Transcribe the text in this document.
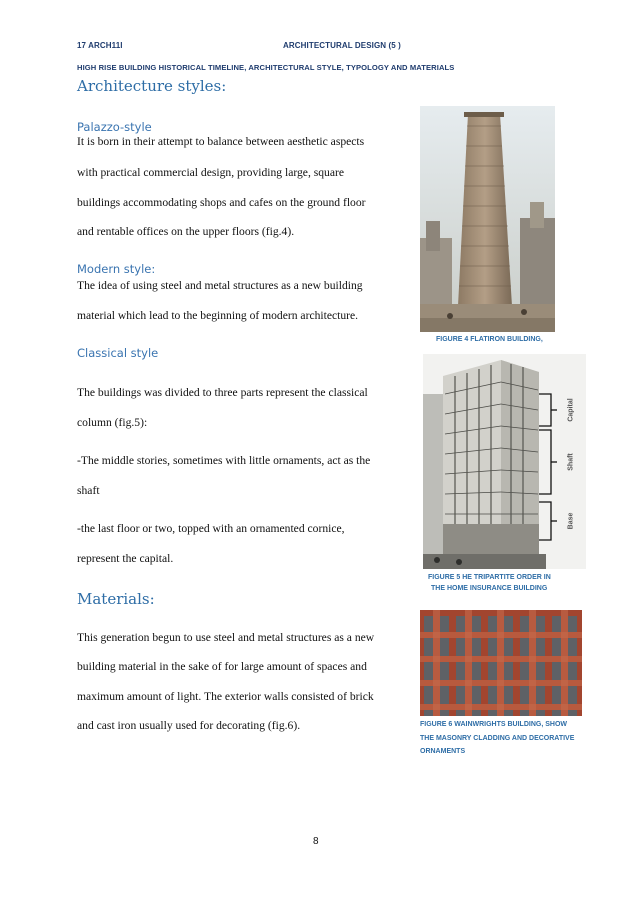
17 ARCH11I	ARCHITECTURAL DESIGN (5 )
HIGH RISE BUILDING HISTORICAL TIMELINE, ARCHITECTURAL STYLE, TYPOLOGY AND MATERIALS
Architecture styles:
Palazzo-style
It is born in their attempt to balance between aesthetic aspects
with practical commercial design, providing large, square
buildings accommodating shops and cafes on the ground floor
and rentable offices on the upper floors (fig.4).
Modern style:
The idea of using steel and metal structures as a new building
material which lead to the beginning of modern architecture.
Classical style
The buildings was divided to three parts represent the classical
column (fig.5):
-The middle stories, sometimes with little ornaments, act as the
shaft
-the last floor or two, topped with an ornamented cornice,
represent the capital.
Materials:
This generation begun to use steel and metal structures as a new
building material in the sake of for large amount of spaces and
maximum amount of light. The exterior walls consisted of brick
and cast iron usually used for decorating (fig.6).
FIGURE 4 FLATIRON BUILDING,
Capital
Shaft
Base
FIGURE 5 HE TRIPARTITE ORDER IN
THE HOME INSURANCE BUILDING
FIGURE 6 WAINWRIGHTS BUILDING, SHOW
THE MASONRY CLADDING AND DECORATIVE
ORNAMENTS
8
